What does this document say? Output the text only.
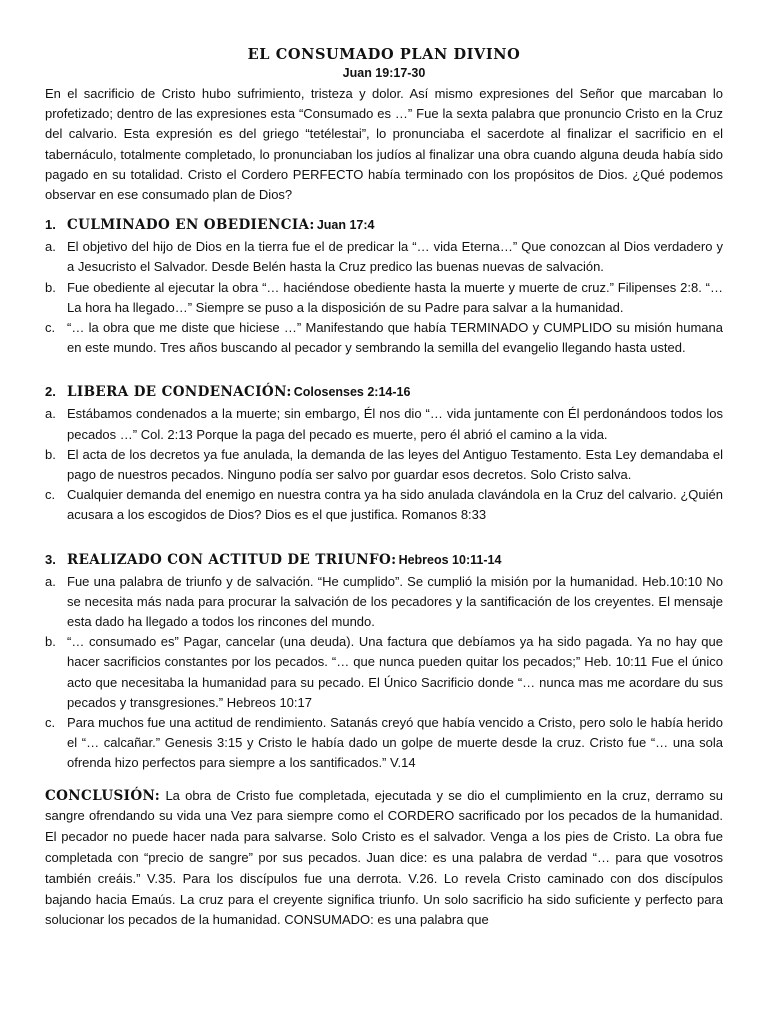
EL CONSUMADO PLAN DIVINO
Juan 19:17-30

En el sacrificio de Cristo hubo sufrimiento, tristeza y dolor. Así mismo expresiones del Señor que marcaban lo profetizado; dentro de las expresiones esta “Consumado es …” Fue la sexta palabra que pronuncio Cristo en la Cruz del calvario. Esta expresión es del griego “tetélestai”, lo pronunciaba el sacerdote al finalizar el sacrificio en el tabernáculo, totalmente completado, lo pronunciaban los judíos al finalizar una obra cuando alguna deuda había sido pagado en su totalidad. Cristo el Cordero PERFECTO había terminado con los propósitos de Dios. ¿Qué podemos observar en ese consumado plan de Dios?

1. CULMINADO EN OBEDIENCIA: Juan 17:4
a. El objetivo del hijo de Dios en la tierra fue el de predicar la “… vida Eterna…” Que conozcan al Dios verdadero y a Jesucristo el Salvador. Desde Belén hasta la Cruz predico las buenas nuevas de salvación.
b. Fue obediente al ejecutar la obra “… haciéndose obediente hasta la muerte y muerte de cruz.” Filipenses 2:8. “… La hora ha llegado…” Siempre se puso a la disposición de su Padre para salvar a la humanidad.
c. “… la obra que me diste que hiciese …” Manifestando que había TERMINADO y CUMPLIDO su misión humana en este mundo. Tres años buscando al pecador y sembrando la semilla del evangelio llegando hasta usted.
2. LIBERA DE CONDENACIÓN: Colosenses 2:14-16
a. Estábamos condenados a la muerte; sin embargo, Él nos dio “… vida juntamente con Él perdonándoos todos los pecados …” Col. 2:13 Porque la paga del pecado es muerte, pero él abrió el camino a la vida.
b. El acta de los decretos ya fue anulada, la demanda de las leyes del Antiguo Testamento. Esta Ley demandaba el pago de nuestros pecados. Ninguno podía ser salvo por guardar esos decretos. Solo Cristo salva.
c. Cualquier demanda del enemigo en nuestra contra ya ha sido anulada clavándola en la Cruz del calvario. ¿Quién acusara a los escogidos de Dios? Dios es el que justifica. Romanos 8:33
3. REALIZADO CON ACTITUD DE TRIUNFO: Hebreos 10:11-14
a. Fue una palabra de triunfo y de salvación. “He cumplido”. Se cumplió la misión por la humanidad. Heb.10:10 No se necesita más nada para procurar la salvación de los pecadores y la santificación de los creyentes. El mensaje esta dado ha llegado a todos los rincones del mundo.
b. “… consumado es” Pagar, cancelar (una deuda). Una factura que debíamos ya ha sido pagada. Ya no hay que hacer sacrificios constantes por los pecados. “… que nunca pueden quitar los pecados;” Heb. 10:11 Fue el único acto que necesitaba la humanidad para su pecado. El Único Sacrificio donde “… nunca mas me acordare du sus pecados y transgresiones.” Hebreos 10:17
c. Para muchos fue una actitud de rendimiento. Satanás creyó que había vencido a Cristo, pero solo le había herido el “… calcañar.” Genesis 3:15 y Cristo le había dado un golpe de muerte desde la cruz. Cristo fue “… una sola ofrenda hizo perfectos para siempre a los santificados.” V.14

CONCLUSIÓN: La obra de Cristo fue completada, ejecutada y se dio el cumplimiento en la cruz, derramo su sangre ofrendando su vida una Vez para siempre como el CORDERO sacrificado por los pecados de la humanidad. El pecador no puede hacer nada para salvarse. Solo Cristo es el salvador. Venga a los pies de Cristo. La obra fue completada con “precio de sangre” por sus pecados. Juan dice: es una palabra de verdad “… para que vosotros también creáis.” V.35. Para los discípulos fue una derrota. V.26. Lo revela Cristo caminado con dos discípulos bajando hacia Emaús. La cruz para el creyente significa triunfo. Un solo sacrificio ha sido suficiente y perfecto para solucionar los pecados de la humanidad. CONSUMADO: es una palabra que
